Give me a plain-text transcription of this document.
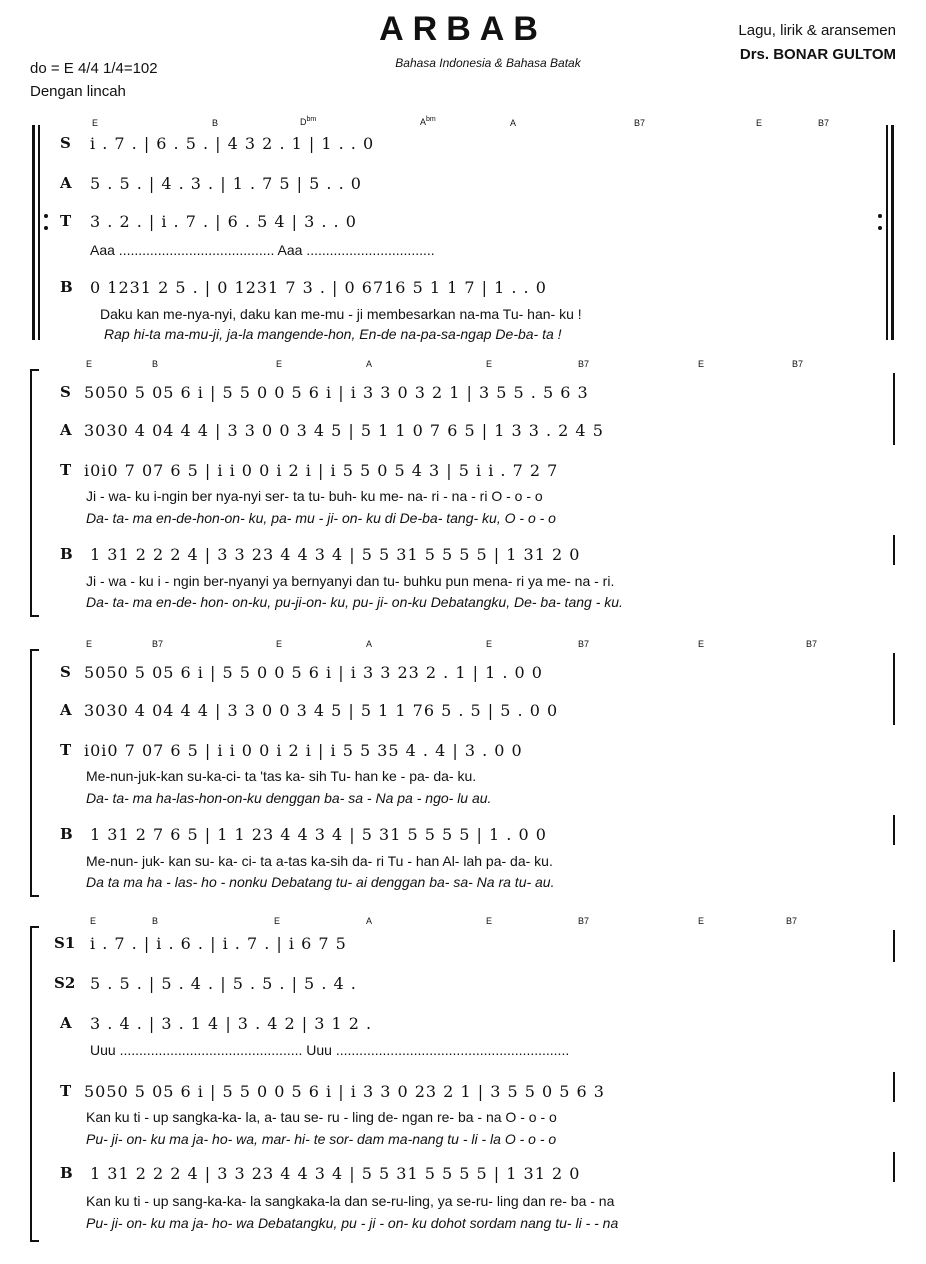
ARBAB
Bahasa Indonesia & Bahasa Batak
Lagu, lirik & aransemen
Drs. BONAR GULTOM
do = E 4/4 1/4=102
Dengan lincah
E	B	$D^{bm}$	$A^{bm}$	A	B7	E	B7
S i . 7 . | 6 . 5 . | 4 3 2 . 1 | 1 . . 0
A 5 . 5 . | 4 . 3 . | 1 . 7 5 | 5 . . 0
T 3 . 2 . | i . 7 . | 6 . 5 4 | 3 . . 0
Aaa ........................................ Aaa .................................
B 0 1231 2 5 . | 0 1231 7 3 . | 0 6716 5 1 1 7 | 1 . . 0
Daku kan me-nya-nyi, daku kan me-mu - ji membesarkan na-ma Tu- han- ku !
Rap hi-ta ma-mu-ji, ja-la mangende-hon, En-de na-pa-sa-ngap De-ba- ta !
E	B	E	A	E	B7	E	B7
S 5050 5 05 6 i | 5 5 0 0 5 6 i | i 3 3 0 3 2 1 | 3 5 5 . 5 6 3
A 3030 4 04 4 4 | 3 3 0 0 3 4 5 | 5 1 1 0 7 6 5 | 1 3 3 . 2 4 5
T i0i0 7 07 6 5 | i i 0 0 i 2 i | i 5 5 0 5 4 3 | 5 i i . 7 2 7
Ji - wa- ku i-ngin ber nya-nyi ser- ta tu- buh- ku me- na- ri - na - ri O - o - o
Da- ta- ma en-de-hon-on- ku, pa- mu - ji- on- ku di De-ba- tang- ku, O - o - o
B 1 31 2 2 2 4 | 3 3 23 4 4 3 4 | 5 5 31 5 5 5 5 | 1 31 2 0
Ji - wa - ku i - ngin ber-nyanyi ya bernyanyi dan tu- buhku pun mena- ri ya me- na - ri.
Da- ta- ma en-de- hon- on-ku, pu-ji-on- ku, pu- ji- on-ku Debatangku, De- ba- tang - ku.
E	B7	E	A	E	B7	E	B7
S 5050 5 05 6 i | 5 5 0 0 5 6 i | i 3 3 23 2 . 1 | 1 . 0 0
A 3030 4 04 4 4 | 3 3 0 0 3 4 5 | 5 1 1 76 5 . 5 | 5 . 0 0
T i0i0 7 07 6 5 | i i 0 0 i 2 i | i 5 5 35 4 . 4 | 3 . 0 0
Me-nun-juk-kan su-ka-ci- ta 'tas ka- sih Tu- han ke - pa- da- ku.
Da- ta- ma ha-las-hon-on-ku denggan ba- sa - Na pa - ngo- lu au.
B 1 31 2 7 6 5 | 1 1 23 4 4 3 4 | 5 31 5 5 5 5 | 1 . 0 0
Me-nun- juk- kan su- ka- ci- ta a-tas ka-sih da- ri Tu - han Al- lah pa- da- ku.
Da ta ma ha - las- ho - nonku Debatang tu- ai denggan ba- sa- Na ra tu- au.
E	B	E	A	E	B7	E	B7
S1 i . 7 . | i . 6 . | i . 7 . | i 6 7 5
S2 5 . 5 . | 5 . 4 . | 5 . 5 . | 5 . 4 .
A 3 . 4 . | 3 . 1 4 | 3 . 4 2 | 3 1 2 .
Uuu ............................................... Uuu ............................................................
T 5050 5 05 6 i | 5 5 0 0 5 6 i | i 3 3 0 23 2 1 | 3 5 5 0 5 6 3
Kan ku ti - up sangka-ka- la, a- tau se- ru - ling de- ngan re- ba - na O - o - o
Pu- ji- on- ku ma ja- ho- wa, mar- hi- te sor- dam ma-nang tu - li - la O - o - o
B 1 31 2 2 2 4 | 3 3 23 4 4 3 4 | 5 5 31 5 5 5 5 | 1 31 2 0
Kan ku ti - up sang-ka-ka- la sangkaka-la dan se-ru-ling, ya se-ru- ling dan re- ba - na
Pu- ji- on- ku ma ja- ho- wa Debatangku, pu - ji - on- ku dohot sordam nang tu- li - - na
